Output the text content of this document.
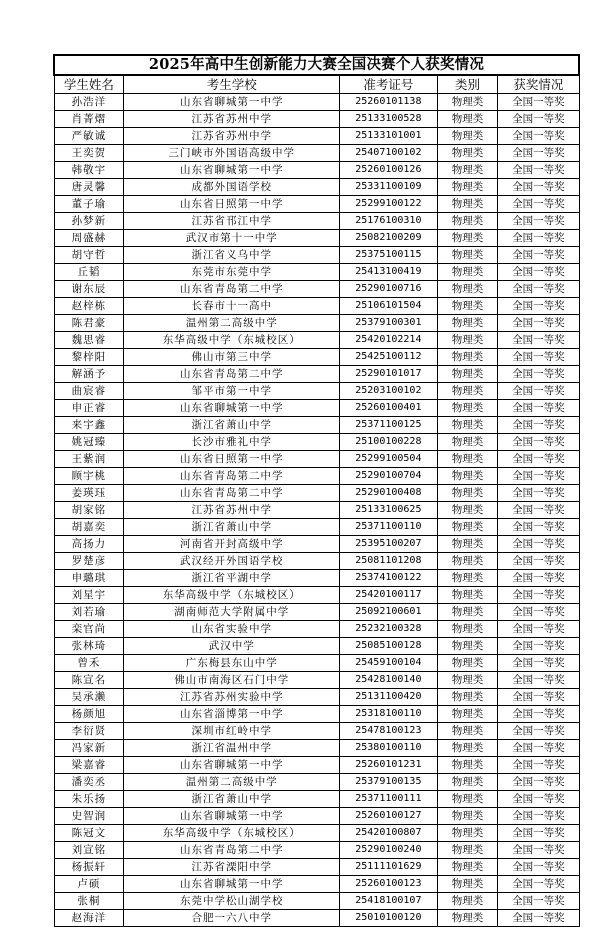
2025年高中生创新能力大赛全国决赛个人获奖情况				
学生姓名	考生学校	准考证号	类别	获奖情况
孙浩洋	山东省聊城第一中学	25260101138	物理类	全国一等奖
肖菁熠	江苏省苏州中学	25133100528	物理类	全国一等奖
严敏诚	江苏省苏州中学	25133101001	物理类	全国一等奖
王奕贺	三门峡市外国语高级中学	25407100102	物理类	全国一等奖
韩敬宇	山东省聊城第一中学	25260100126	物理类	全国一等奖
唐灵馨	成都外国语学校	25331100109	物理类	全国一等奖
董子瑜	山东省日照第一中学	25299100122	物理类	全国一等奖
孙梦新	江苏省邗江中学	25176100310	物理类	全国一等奖
周盛赫	武汉市第十一中学	25082100209	物理类	全国一等奖
胡守哲	浙江省义乌中学	25375100115	物理类	全国一等奖
丘韬	东莞市东莞中学	25413100419	物理类	全国一等奖
谢东辰	山东省青岛第二中学	25290100716	物理类	全国一等奖
赵梓栋	长春市十一高中	25106101504	物理类	全国一等奖
陈君豪	温州第二高级中学	25379100301	物理类	全国一等奖
魏思睿	东华高级中学（东城校区）	25420102214	物理类	全国一等奖
黎梓阳	佛山市第三中学	25425100112	物理类	全国一等奖
解涵予	山东省青岛第二中学	25290101017	物理类	全国一等奖
曲宸睿	邹平市第一中学	25203100102	物理类	全国一等奖
申正睿	山东省聊城第一中学	25260100401	物理类	全国一等奖
来宇鑫	浙江省萧山中学	25371100125	物理类	全国一等奖
姚冠臻	长沙市雅礼中学	25100100228	物理类	全国一等奖
王紫润	山东省日照第一中学	25299100504	物理类	全国一等奖
顾宇桃	山东省青岛第二中学	25290100704	物理类	全国一等奖
姜瑛珏	山东省青岛第二中学	25290100408	物理类	全国一等奖
胡家铭	江苏省苏州中学	25133100625	物理类	全国一等奖
胡嘉奕	浙江省萧山中学	25371100110	物理类	全国一等奖
高扬力	河南省开封高级中学	25395100207	物理类	全国一等奖
罗楚彦	武汉经开外国语学校	25081101208	物理类	全国一等奖
申璐琪	浙江省平湖中学	25374100122	物理类	全国一等奖
刘星宇	东华高级中学（东城校区）	25420100117	物理类	全国一等奖
刘若瑜	湖南师范大学附属中学	25092100601	物理类	全国一等奖
栾官尚	山东省实验中学	25232100328	物理类	全国一等奖
张林琦	武汉中学	25085100128	物理类	全国一等奖
曾禾	广东梅县东山中学	25459100104	物理类	全国一等奖
陈宣名	佛山市南海区石门中学	25428100140	物理类	全国一等奖
吴承濑	江苏省苏州实验中学	25131100420	物理类	全国一等奖
杨颜旭	山东省淄博第一中学	25318100110	物理类	全国一等奖
李衍贤	深圳市红岭中学	25478100123	物理类	全国一等奖
冯家新	浙江省温州中学	25380100110	物理类	全国一等奖
梁嘉睿	山东省聊城第一中学	25260101231	物理类	全国一等奖
潘奕丞	温州第二高级中学	25379100135	物理类	全国一等奖
朱乐扬	浙江省萧山中学	25371100111	物理类	全国一等奖
史智润	山东省聊城第一中学	25260100127	物理类	全国一等奖
陈冠文	东华高级中学（东城校区）	25420100807	物理类	全国一等奖
刘宣铭	山东省青岛第二中学	25290100240	物理类	全国一等奖
杨振轩	江苏省溧阳中学	25111101629	物理类	全国一等奖
卢硕	山东省聊城第一中学	25260100123	物理类	全国一等奖
张桐	东莞中学松山湖学校	25418100107	物理类	全国一等奖
赵海洋	合肥一六八中学	25010100120	物理类	全国一等奖
